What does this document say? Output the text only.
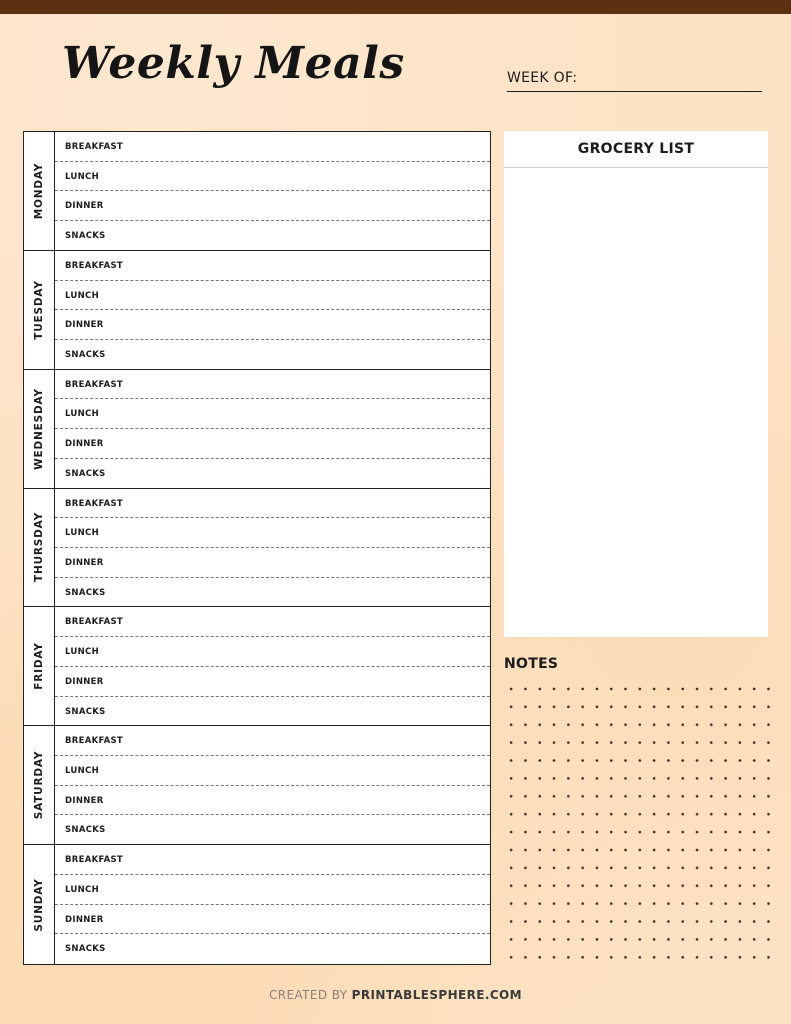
Weekly Meals	WEEK OF:
MONDAY
BREAKFAST
LUNCH
DINNER
SNACKS
TUESDAY
BREAKFAST
LUNCH
DINNER
SNACKS
WEDNESDAY
BREAKFAST
LUNCH
DINNER
SNACKS
THURSDAY
BREAKFAST
LUNCH
DINNER
SNACKS
FRIDAY
BREAKFAST
LUNCH
DINNER
SNACKS
SATURDAY
BREAKFAST
LUNCH
DINNER
SNACKS
SUNDAY
BREAKFAST
LUNCH
DINNER
SNACKS
GROCERY LIST
NOTES
CREATED BY PRINTABLESPHERE.COM
